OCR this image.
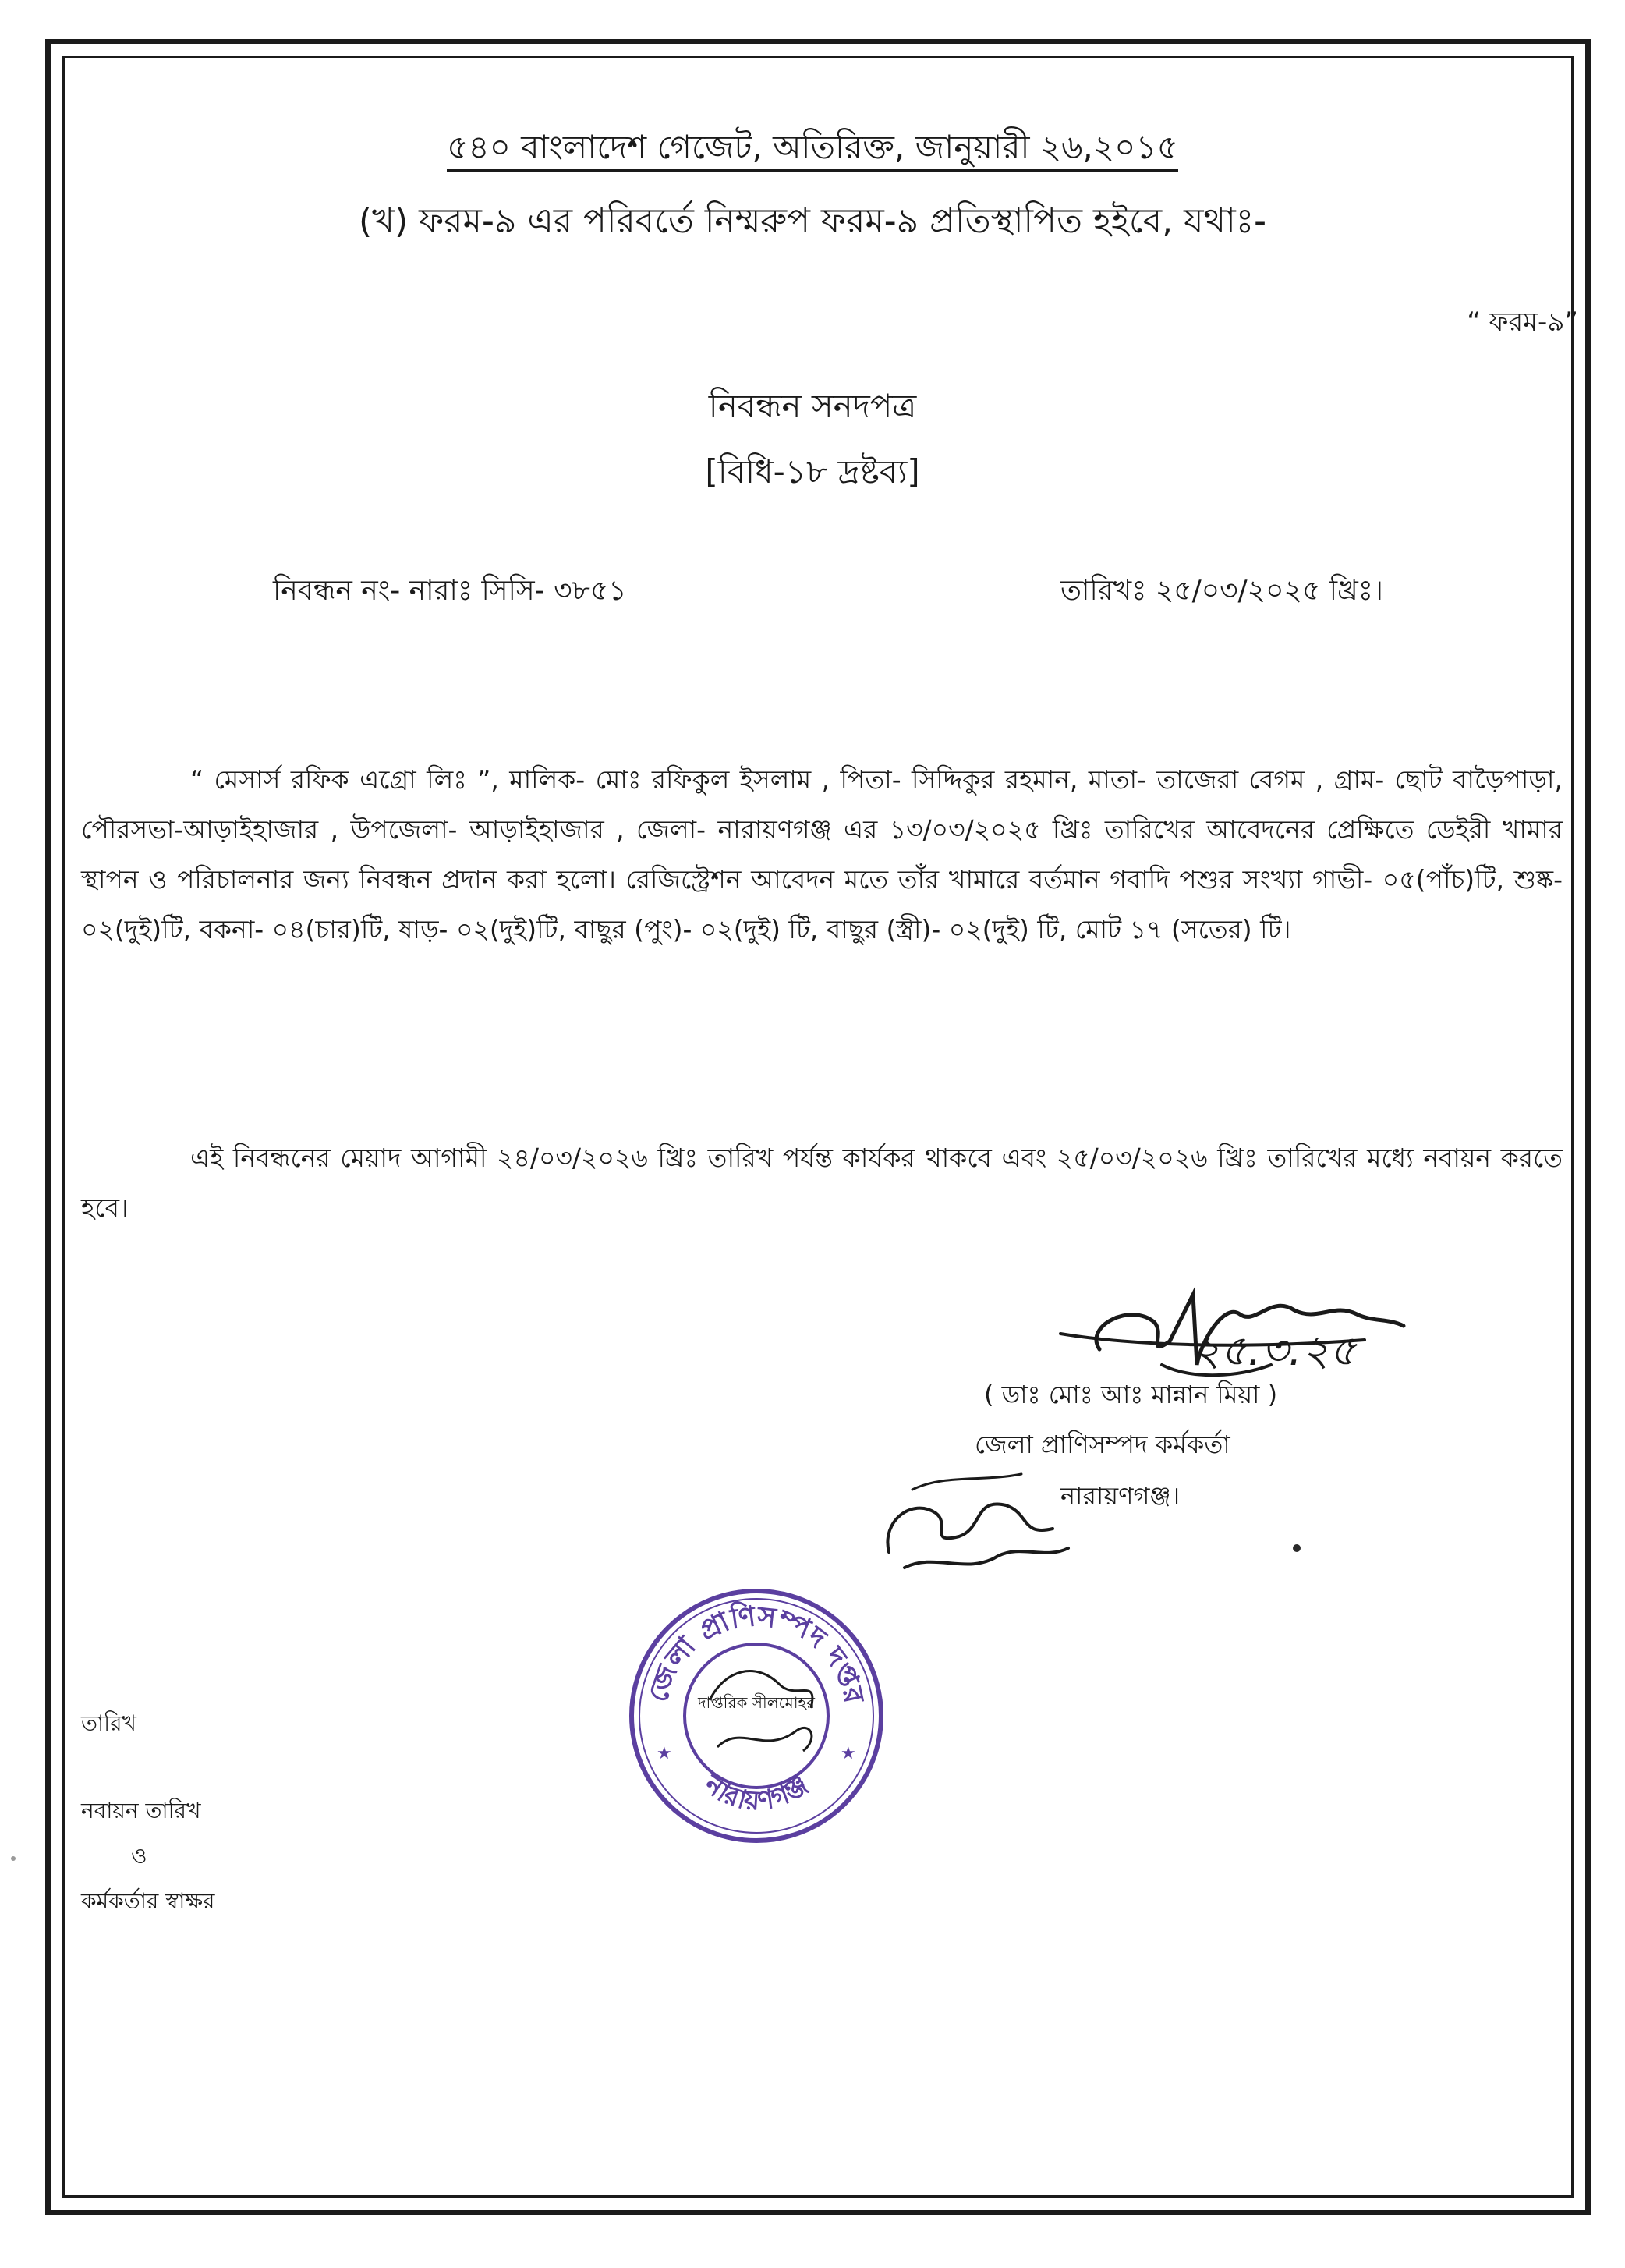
৫৪০ বাংলাদেশ গেজেট, অতিরিক্ত, জানুয়ারী ২৬,২০১৫
(খ) ফরম-৯ এর পরিবর্তে নিম্মরুপ ফরম-৯ প্রতিস্থাপিত হইবে, যথাঃ-
“ ফরম-৯”
নিবন্ধন সনদপত্র
[বিধি-১৮ দ্রষ্টব্য]
নিবন্ধন নং- নারাঃ সিসি- ৩৮৫১	তারিখঃ ২৫/০৩/২০২৫ খ্রিঃ।

“ মেসার্স রফিক এগ্রো লিঃ ”, মালিক- মোঃ রফিকুল ইসলাম , পিতা- সিদ্দিকুর রহমান, মাতা- তাজেরা বেগম , গ্রাম- ছোট বাড়ৈপাড়া, পৌরসভা-আড়াইহাজার , উপজেলা- আড়াইহাজার , জেলা- নারায়ণগঞ্জ এর ১৩/০৩/২০২৫ খ্রিঃ তারিখের আবেদনের প্রেক্ষিতে ডেইরী খামার স্থাপন ও পরিচালনার জন্য নিবন্ধন প্রদান করা হলো। রেজিস্ট্রেশন আবেদন মতে তাঁর খামারে বর্তমান গবাদি পশুর সংখ্যা গাভী- ০৫(পাঁচ)টি, শুষ্ক- ০২(দুই)টি, বকনা- ০৪(চার)টি, ষাড়- ০২(দুই)টি, বাছুর (পুং)- ০২(দুই) টি, বাছুর (স্ত্রী)- ০২(দুই) টি, মোট ১৭ (সতের) টি।

এই নিবন্ধনের মেয়াদ আগামী ২৪/০৩/২০২৬ খ্রিঃ তারিখ পর্যন্ত কার্যকর থাকবে এবং ২৫/০৩/২০২৬ খ্রিঃ তারিখের মধ্যে নবায়ন করতে হবে।

২৫.৩.২৫
( ডাঃ মোঃ আঃ মান্নান মিয়া )
জেলা প্রাণিসম্পদ কর্মকর্তা
নারায়ণগঞ্জ।
জেলা প্রাণিসম্পদ দপ্তর
নারায়ণগঞ্জ
দাপ্তরিক সীলমোহর
★	★
তারিখ
নবায়ন তারিখ
ও
কর্মকর্তার স্বাক্ষর
